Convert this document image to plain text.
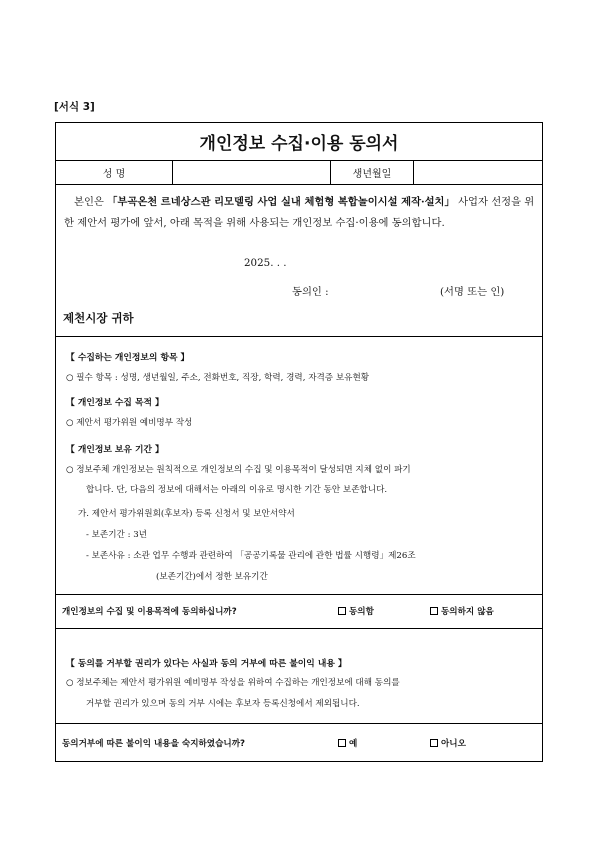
[서식 3]
개인정보 수집·이용 동의서
성 명	생년월일
본인은 「부곡온천 르네상스관 리모델링 사업 실내 체험형 복합놀이시설 제작·설치」 사업자 선정을 위한 제안서 평가에 앞서, 아래 목적을 위해 사용되는 개인정보 수집·이용에 동의합니다.
2025. . .
동의인 :	(서명 또는 인)
제천시장 귀하
【 수집하는 개인정보의 항목 】
○ 필수 항목 : 성명, 생년월일, 주소, 전화번호, 직장, 학력, 경력, 자격증 보유현황
【 개인정보 수집 목적 】
○ 제안서 평가위원 예비명부 작성
【 개인정보 보유 기간 】
○ 정보주체 개인정보는 원칙적으로 개인정보의 수집 및 이용목적이 달성되면 지체 없이 파기
합니다. 단, 다음의 정보에 대해서는 아래의 이유로 명시한 기간 동안 보존합니다.
가. 제안서 평가위원회(후보자) 등록 신청서 및 보안서약서
- 보존기간 : 3년
- 보존사유 : 소관 업무 수행과 관련하여 「공공기록물 관리에 관한 법률 시행령」제26조
(보존기간)에서 정한 보유기간
개인정보의 수집 및 이용목적에 동의하십니까?	동의함	동의하지 않음
【 동의를 거부할 권리가 있다는 사실과 동의 거부에 따른 불이익 내용 】
○ 정보주체는 제안서 평가위원 예비명부 작성을 위하여 수집하는 개인정보에 대해 동의를
거부할 권리가 있으며 동의 거부 시에는 후보자 등록신청에서 제외됩니다.
동의거부에 따른 불이익 내용을 숙지하였습니까?	예	아니오
